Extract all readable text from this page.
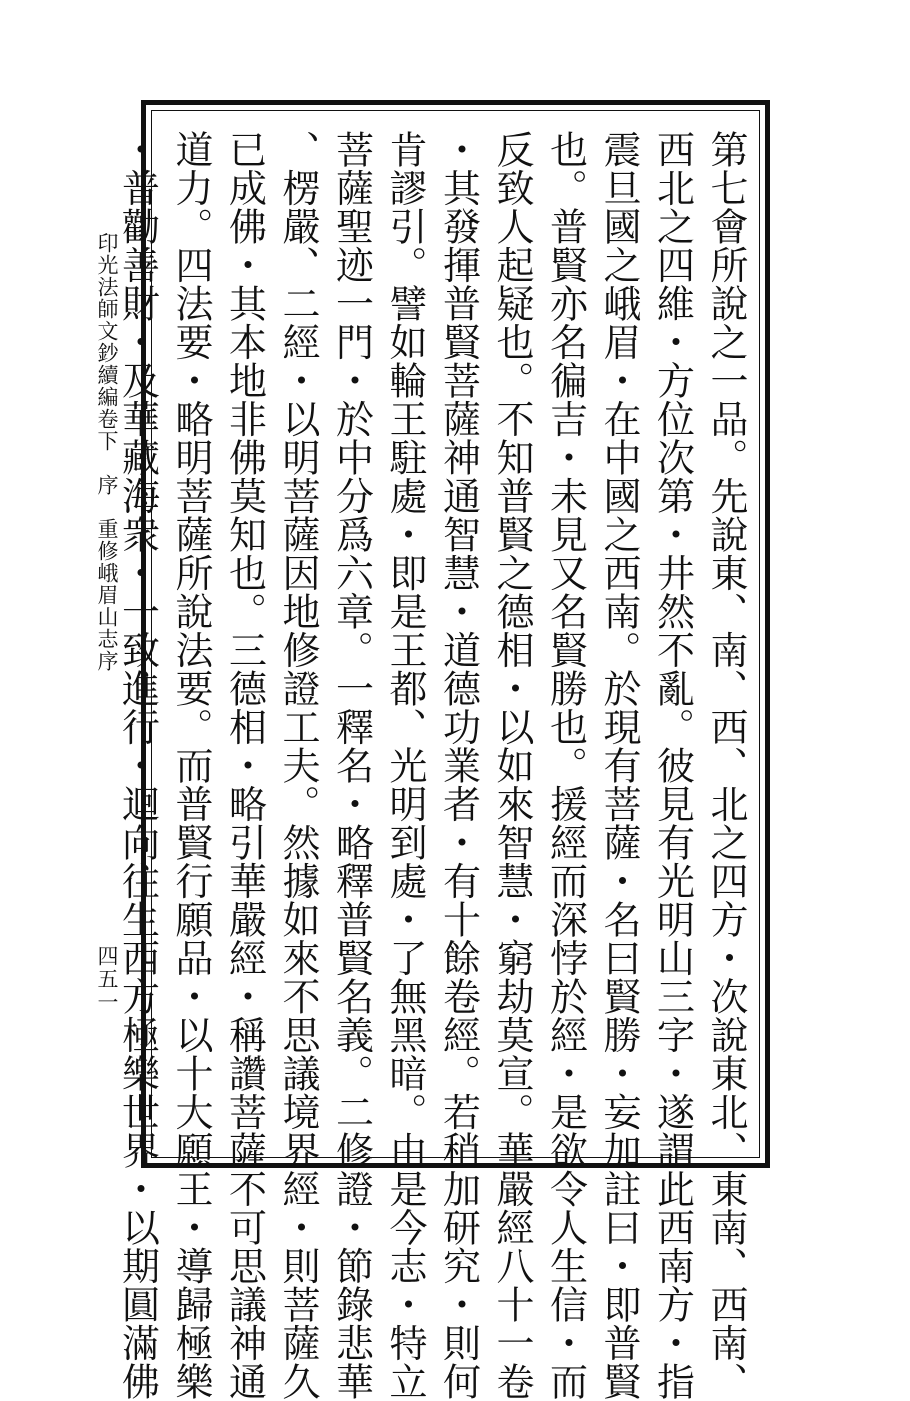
印光法師文鈔續編卷下序重修峨眉山志序
四五一	第七會所說之一品。先說東、南、西、北之四方・次說東北、東南、西南、
西北之四維・方位次第・井然不亂。彼見有光明山三字・遂謂此西南方・指
震旦國之峨眉・在中國之西南。於現有菩薩・名曰賢勝・妄加註曰・即普賢
也。普賢亦名徧吉・未見又名賢勝也。援經而深悖於經・是欲令人生信・而
反致人起疑也。不知普賢之德相・以如來智慧・窮劫莫宣。華嚴經八十一卷
・其發揮普賢菩薩神通智慧・道德功業者・有十餘卷經。若稍加研究・則何
肯謬引。譬如輪王駐處・即是王都、光明到處・了無黑暗。由是今志・特立
菩薩聖迹一門・於中分爲六章。一釋名・略釋普賢名義。二修證・節錄悲華
、楞嚴、二經・以明菩薩因地修證工夫。然據如來不思議境界經・則菩薩久
已成佛・其本地非佛莫知也。三德相・略引華嚴經・稱讚菩薩不可思議神通
道力。四法要・略明菩薩所說法要。而普賢行願品・以十大願王・導歸極樂
・普勸善財・及華藏海衆・一致進行・迴向往生西方極樂世界・以期圓滿佛
